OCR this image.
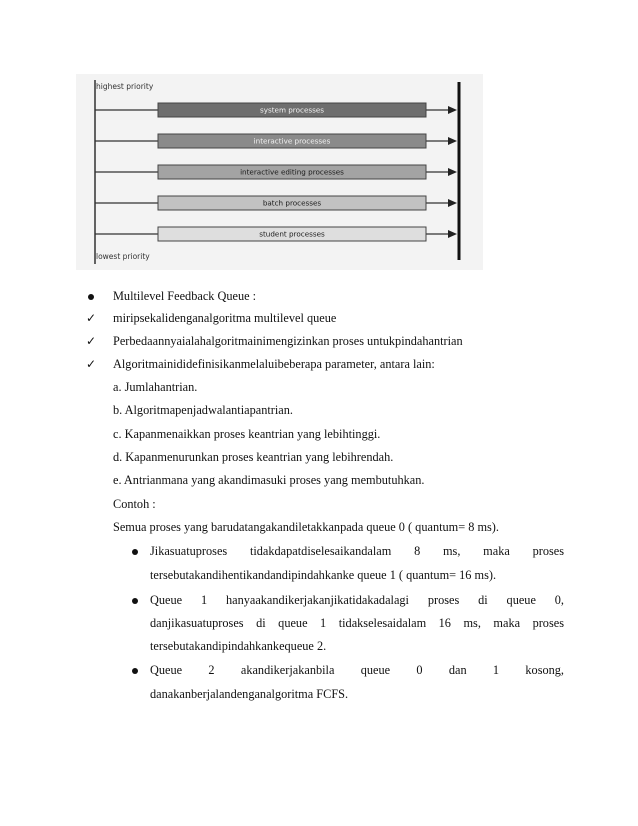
highest priority
lowest priority
system processes
interactive processes
interactive editing processes
batch processes
student processes
Multilevel Feedback Queue :
✓ miripsekalidenganalgoritma multilevel queue
✓ Perbedaannyaialahalgoritmainimengizinkan proses untukpindahantrian
✓ Algoritmainididefinisikanmelaluibeberapa parameter, antara lain:
a. Jumlahantrian.
b. Algoritmapenjadwalantiapantrian.
c. Kapanmenaikkan proses keantrian yang lebihtinggi.
d. Kapanmenurunkan proses keantrian yang lebihrendah.
e. Antrianmana yang akandimasuki proses yang membutuhkan.
Contoh :
Semua proses yang barudatangakandiletakkanpada queue 0 ( quantum= 8 ms).
Jikasuatuproses tidakdapatdiselesaikandalam 8 ms, maka proses
tersebutakandihentikandandipindahkanke queue 1 ( quantum= 16 ms).
Queue 1 hanyaakandikerjakanjikatidakadalagi proses di queue 0,
danjikasuatuproses di queue 1 tidakselesaidalam 16 ms, maka proses
tersebutakandipindahkankequeue 2.
Queue 2 akandikerjakanbila queue 0 dan 1 kosong,
danakanberjalandenganalgoritma FCFS.
